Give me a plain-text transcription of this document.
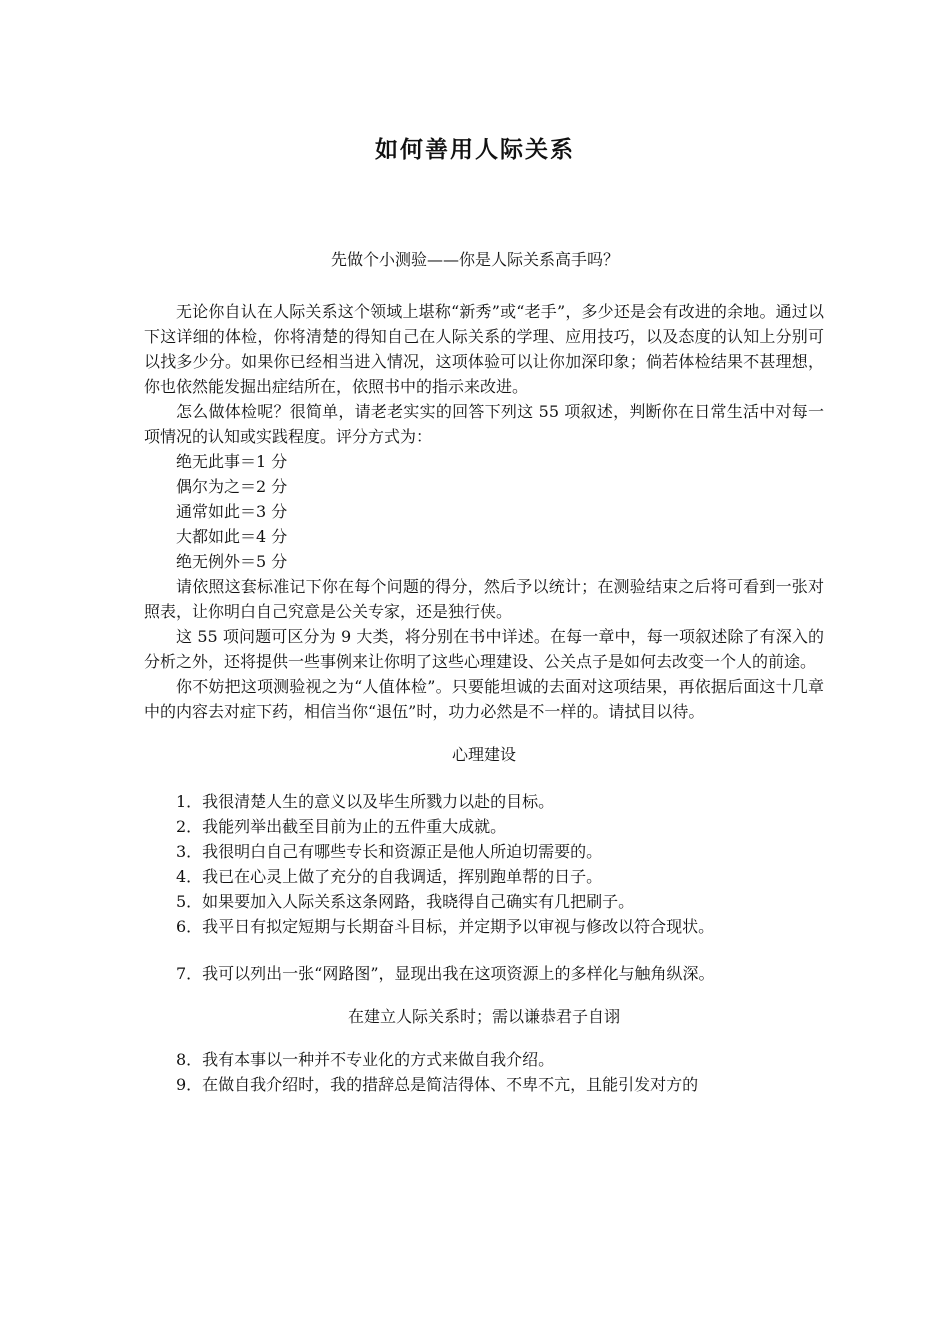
如何善用人际关系
先做个小测验——你是人际关系高手吗？

无论你自认在人际关系这个领域上堪称“新秀”或“老手”，多少还是会有改进的余地。通过以下这详细的体检，你将清楚的得知自己在人际关系的学理、应用技巧，以及态度的认知上分别可以找多少分。如果你已经相当进入情况，这项体验可以让你加深印象；倘若体检结果不甚理想，你也依然能发掘出症结所在，依照书中的指示来改进。

怎么做体检呢？很简单，请老老实实的回答下列这 55 项叙述，判断你在日常生活中对每一项情况的认知或实践程度。评分方式为：

绝无此事＝1 分
偶尔为之＝2 分
通常如此＝3 分
大都如此＝4 分
绝无例外＝5 分

请依照这套标准记下你在每个问题的得分，然后予以统计；在测验结束之后将可看到一张对照表，让你明白自己究意是公关专家，还是独行侠。

这 55 项问题可区分为 9 大类，将分别在书中详述。在每一章中，每一项叙述除了有深入的分析之外，还将提供一些事例来让你明了这些心理建设、公关点子是如何去改变一个人的前途。

你不妨把这项测验视之为“人值体检”。只要能坦诚的去面对这项结果，再依据后面这十几章中的内容去对症下药，相信当你“退伍”时，功力必然是不一样的。请拭目以待。

心理建设

1．我很清楚人生的意义以及毕生所戮力以赴的目标。
2．我能列举出截至目前为止的五件重大成就。
3．我很明白自己有哪些专长和资源正是他人所迫切需要的。
4．我已在心灵上做了充分的自我调适，挥别跑单帮的日子。
5．如果要加入人际关系这条网路，我晓得自己确实有几把刷子。
6．我平日有拟定短期与长期奋斗目标，并定期予以审视与修改以符合现状。

7．我可以列出一张“网路图”，显现出我在这项资源上的多样化与触角纵深。

在建立人际关系时；需以谦恭君子自诩

8．我有本事以一种并不专业化的方式来做自我介绍。
9．在做自我介绍时，我的措辞总是简洁得体、不卑不亢，且能引发对方的
